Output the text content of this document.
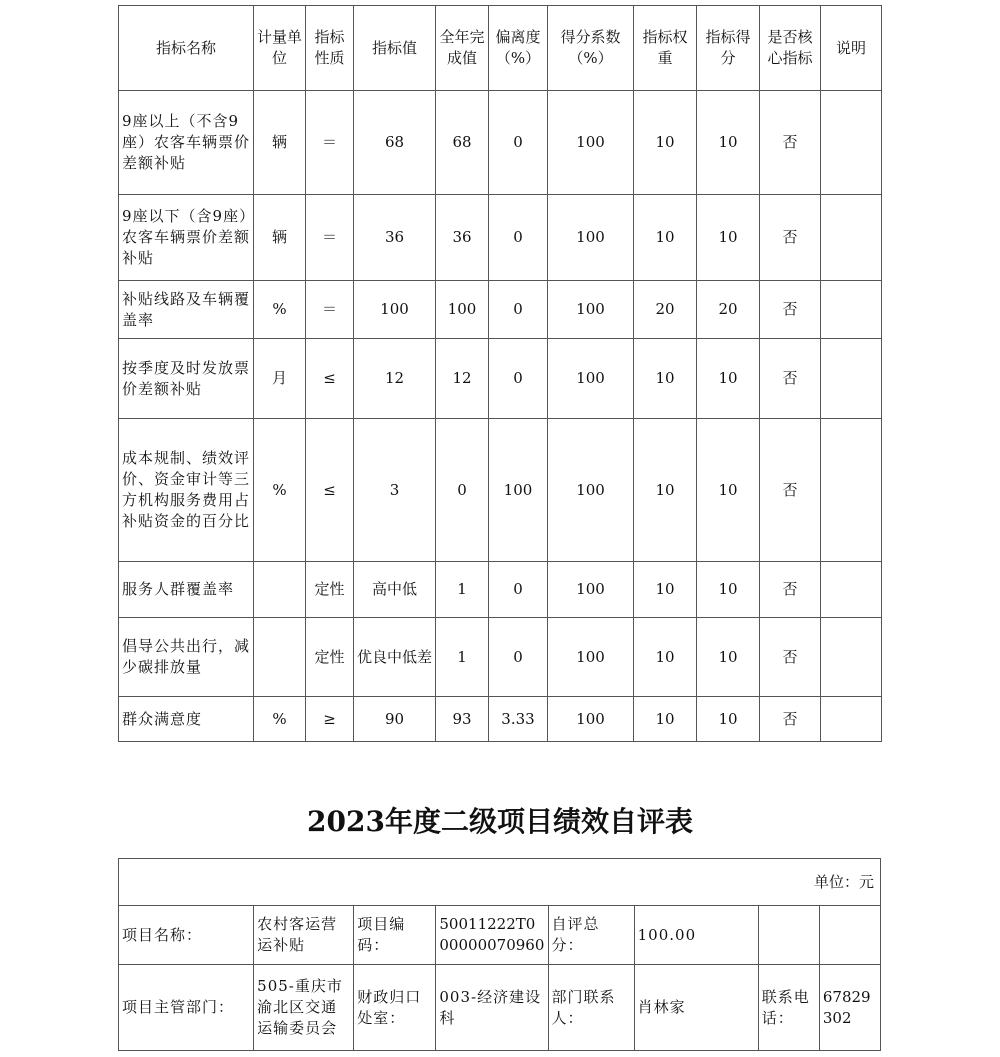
指标名称	计量单位	指标性质	指标值	全年完成值	偏离度（%）	得分系数（%）	指标权重	指标得分	是否核心指标	说明
9座以上（不含9座）农客车辆票价差额补贴	辆	＝	68	68	0	100	10	10	否	
9座以下（含9座）农客车辆票价差额补贴	辆	＝	36	36	0	100	10	10	否	
补贴线路及车辆覆盖率	%	＝	100	100	0	100	20	20	否	
按季度及时发放票价差额补贴	月	≤	12	12	0	100	10	10	否	
成本规制、绩效评价、资金审计等三方机构服务费用占补贴资金的百分比	%	≤	3	0	100	100	10	10	否	
服务人群覆盖率		定性	高中低	1	0	100	10	10	否	
倡导公共出行，减少碳排放量		定性	优良中低差	1	0	100	10	10	否	
群众满意度	%	≥	90	93	3.33	100	10	10	否	
2023年度二级项目绩效自评表
单位：元							
项目名称：	农村客运营运补贴	项目编码：	50011222T000000070960	自评总分：	100.00		
项目主管部门：	505-重庆市渝北区交通运输委员会	财政归口处室：	003-经济建设科	部门联系人：	肖林家	联系电话：	67829302
